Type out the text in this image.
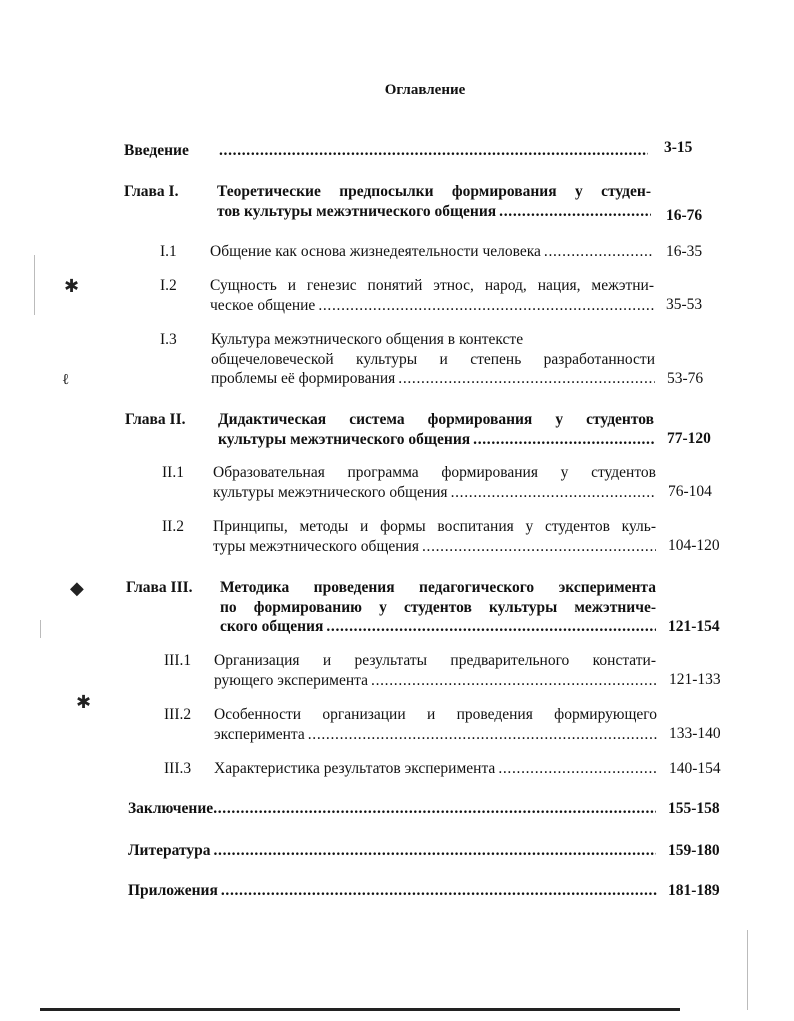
✱
ℓ
◆
✱
Оглавление
Введение . . .	3-15
Глава I. Теоретические предпосылки формирования у студен-
тов культуры межэтнического общения . . .	16-76
I.1 Общение как основа жизнедеятельности человека . . .	16-35
I.2 Сущность и генезис понятий этнос, народ, нация, межэтни-
ческое общение . . .	35-53
I.3 Культура межэтнического общения в контексте
общечеловеческой культуры и степень разработанности
проблемы её формирования . . .	53-76
Глава II. Дидактическая система формирования у студентов
культуры межэтнического общения . . .	77-120
II.1 Образовательная программа формирования у студентов
культуры межэтнического общения . . .	76-104
II.2 Принципы, методы и формы воспитания у студентов куль-
туры межэтнического общения . . .	104-120
Глава III. Методика проведения педагогического эксперимента
по формированию у студентов культуры межэтниче-
ского общения . . .	121-154
III.1 Организация и результаты предварительного констати-
рующего эксперимента . . .	121-133
III.2 Особенности организации и проведения формирующего
эксперимента . . .	133-140
III.3 Характеристика результатов эксперимента . . .	140-154
Заключение . . .	155-158
Литература . . .	159-180
Приложения . . .	181-189
